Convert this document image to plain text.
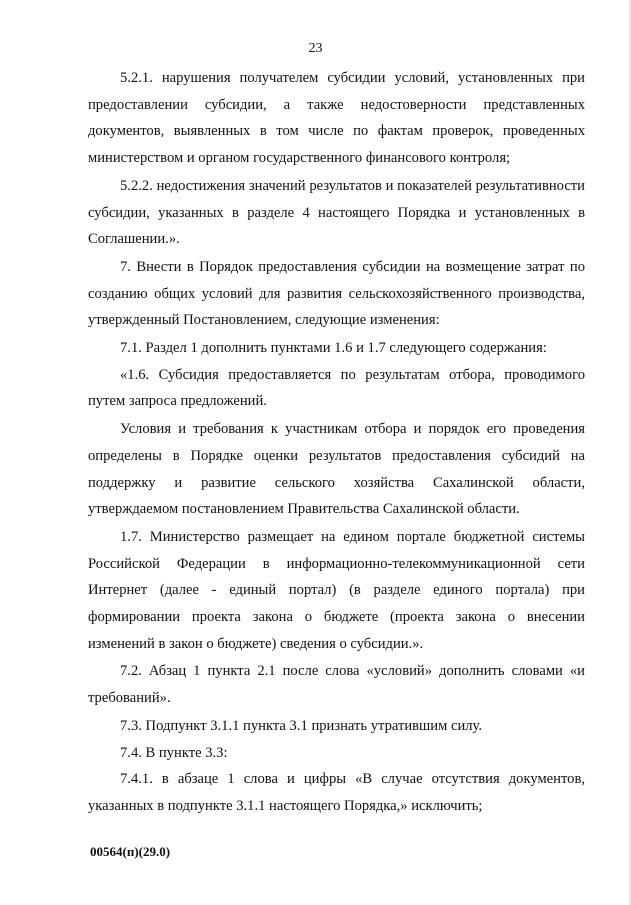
23

5.2.1. нарушения получателем субсидии условий, установленных при предоставлении субсидии, а также недостоверности представленных документов, выявленных в том числе по фактам проверок, проведенных министерством и органом государственного финансового контроля;

5.2.2. недостижения значений результатов и показателей результативности субсидии, указанных в разделе 4 настоящего Порядка и установленных в Соглашении.».

7. Внести в Порядок предоставления субсидии на возмещение затрат по созданию общих условий для развития сельскохозяйственного производства, утвержденный Постановлением, следующие изменения:

7.1. Раздел 1 дополнить пунктами 1.6 и 1.7 следующего содержания:

«1.6. Субсидия предоставляется по результатам отбора, проводимого путем запроса предложений.

Условия и требования к участникам отбора и порядок его проведения определены в Порядке оценки результатов предоставления субсидий на поддержку и развитие сельского хозяйства Сахалинской области, утверждаемом постановлением Правительства Сахалинской области.

1.7. Министерство размещает на едином портале бюджетной системы Российской Федерации в информационно-телекоммуникационной сети Интернет (далее - единый портал) (в разделе единого портала) при формировании проекта закона о бюджете (проекта закона о внесении изменений в закон о бюджете) сведения о субсидии.».

7.2. Абзац 1 пункта 2.1 после слова «условий» дополнить словами «и требований».

7.3. Подпункт 3.1.1 пункта 3.1 признать утратившим силу.

7.4. В пункте 3.3:

7.4.1. в абзаце 1 слова и цифры «В случае отсутствия документов, указанных в подпункте 3.1.1 настоящего Порядка,» исключить;

00564(п)(29.0)
